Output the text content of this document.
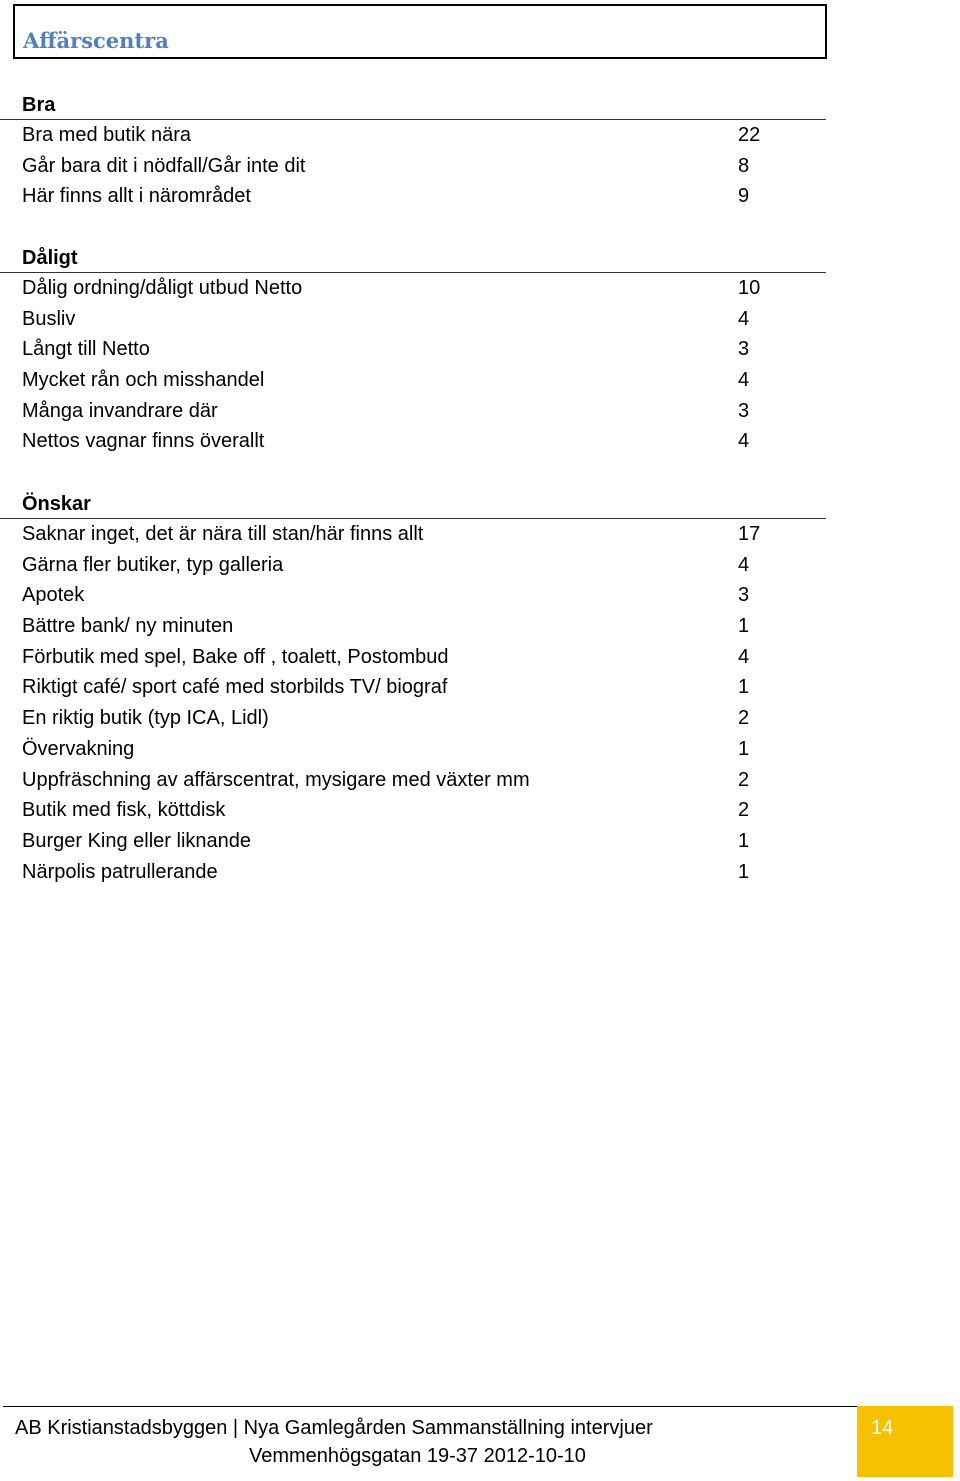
Affärscentra
Bra
Bra med butik nära	22
Går bara dit i nödfall/Går inte dit	8
Här finns allt i närområdet	9
Dåligt
Dålig ordning/dåligt utbud Netto	10
Busliv	4
Långt till Netto	3
Mycket rån och misshandel	4
Många invandrare där	3
Nettos vagnar finns överallt	4
Önskar
Saknar inget, det är nära till stan/här finns allt	17
Gärna fler butiker, typ galleria	4
Apotek	3
Bättre bank/ ny minuten	1
Förbutik med spel, Bake off , toalett, Postombud	4
Riktigt café/ sport café med storbilds TV/ biograf	1
En riktig butik (typ ICA, Lidl)	2
Övervakning	1
Uppfräschning av affärscentrat, mysigare med växter mm	2
Butik med fisk, köttdisk	2
Burger King eller liknande	1
Närpolis patrullerande	1
AB Kristianstadsbyggen | Nya Gamlegården Sammanställning intervjuer
Vemmenhögsgatan 19-37 2012-10-10
14
